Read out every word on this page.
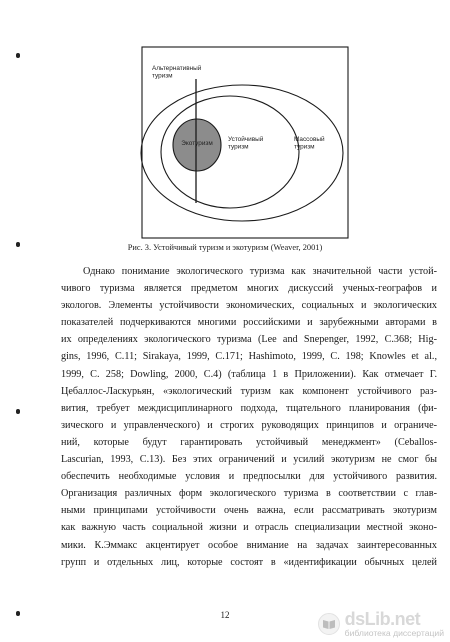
Альтернативный туризм
Экотуризм
Устойчивый туризм
Массовый туризм
Рис. 3. Устойчивый туризм и экотуризм (Weaver, 2001)
Однако понимание экологического туризма как значительной части устой-
чивого туризма является предметом многих дискуссий ученых-географов и
экологов. Элементы устойчивости экономических, социальных и экологических
показателей подчеркиваются многими российскими и зарубежными авторами в
их определениях экологического туризма (Lee and Snepenger, 1992, С.368; Hig-
gins, 1996, С.11; Sirakaya, 1999, С.171; Hashimoto, 1999, С. 198; Knowles et al.,
1999, С. 258; Dowling, 2000, С.4) (таблица 1 в Приложении). Как отмечает Г.
Цебаллос-Ласкурьян, «экологический туризм как компонент устойчивого раз-
вития, требует междисциплинарного подхода, тщательного планирования (фи-
зического и управленческого) и строгих руководящих принципов и ограниче-
ний, которые будут гарантировать устойчивый менеджмент» (Ceballos-
Lascurian, 1993, С.13). Без этих ограничений и усилий экотуризм не смог бы
обеспечить необходимые условия и предпосылки для устойчивого развития.
Организация различных форм экологического туризма в соответствии с глав-
ными принципами устойчивости очень важна, если рассматривать экотуризм
как важную часть социальной жизни и отрасль специализации местной эконо-
мики. К.Эммакс акцентирует особое внимание на задачах заинтересованных
групп и отдельных лиц, которые состоят в «идентификации обычных целей
12	dsLib.net
библиотека диссертаций
